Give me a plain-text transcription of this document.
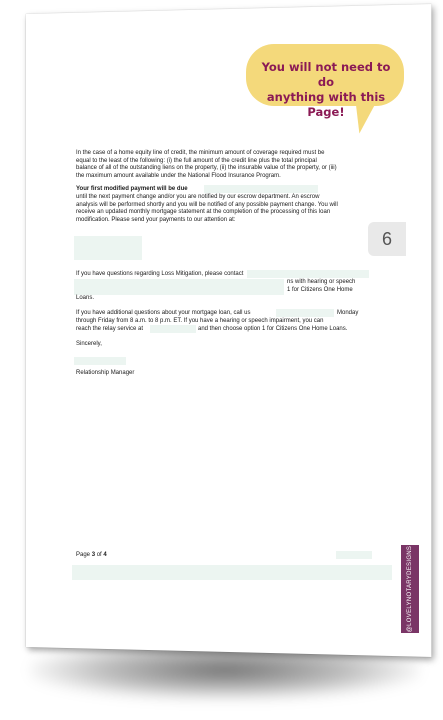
You will not need to do
anything with this Page!
6
In the case of a home equity line of credit, the minimum amount of coverage required must be
equal to the least of the following: (i) the full amount of the credit line plus the total principal
balance of all of the outstanding liens on the property, (ii) the insurable value of the property, or (iii)
the maximum amount available under the National Flood Insurance Program.
Your first modified payment will be due
until the next payment change and/or you are notified by our escrow department. An escrow
analysis will be performed shortly and you will be notified of any possible payment change. You will
receive an updated monthly mortgage statement at the completion of the processing of this loan
modification. Please send your payments to our attention at:
If you have questions regarding Loss Mitigation, please contact
ns with hearing or speech
1 for Citizens One Home
Loans.
If you have additional questions about your mortgage loan, call us	Monday
through Friday from 8 a.m. to 8 p.m. ET. If you have a hearing or speech impairment, you can
reach the relay service at	and then choose option 1 for Citizens One Home Loans.
Sincerely,
Relationship Manager
Page 3 of 4	@LOVELYNOTARYDESIGNS
